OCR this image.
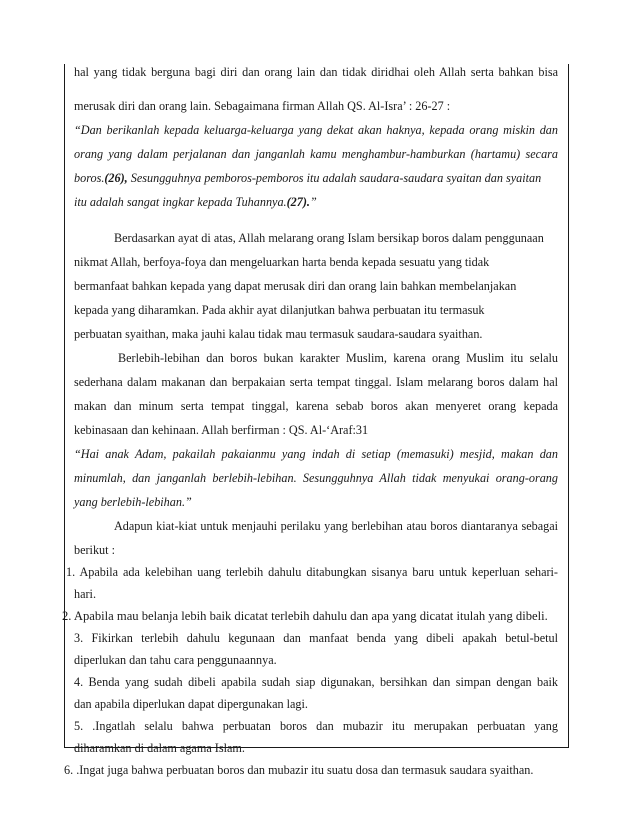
hal yang tidak berguna bagi diri dan orang lain dan tidak diridhai oleh Allah serta bahkan bisa
merusak diri dan orang lain. Sebagaimana firman Allah QS. Al-Isra’ : 26-27 :
“Dan berikanlah kepada keluarga-keluarga yang dekat akan haknya, kepada orang miskin dan
orang yang dalam perjalanan dan janganlah kamu menghambur-hamburkan (hartamu) secara
boros.(26), Sesungguhnya pemboros-pemboros itu adalah saudara-saudara syaitan dan syaitan
itu adalah sangat ingkar kepada Tuhannya.(27).”
Berdasarkan ayat di atas, Allah melarang orang Islam bersikap boros dalam penggunaan
nikmat Allah, berfoya-foya dan mengeluarkan harta benda kepada sesuatu yang tidak
bermanfaat bahkan kepada yang dapat merusak diri dan orang lain bahkan membelanjakan
kepada yang diharamkan. Pada akhir ayat dilanjutkan bahwa perbuatan itu termasuk
perbuatan syaithan, maka jauhi kalau tidak mau termasuk saudara-saudara syaithan.
Berlebih-lebihan dan boros bukan karakter Muslim, karena orang Muslim itu selalu
sederhana dalam makanan dan berpakaian serta tempat tinggal. Islam melarang boros dalam hal
makan dan minum serta tempat tinggal, karena sebab boros akan menyeret orang kepada
kebinasaan dan kehinaan. Allah berfirman : QS. Al-‘Araf:31
“Hai anak Adam, pakailah pakaianmu yang indah di setiap (memasuki) mesjid, makan dan
minumlah, dan janganlah berlebih-lebihan. Sesungguhnya Allah tidak menyukai orang-orang
yang berlebih-lebihan.”
Adapun kiat-kiat untuk menjauhi perilaku yang berlebihan atau boros diantaranya sebagai
berikut :
1. Apabila ada kelebihan uang terlebih dahulu ditabungkan sisanya baru untuk keperluan sehari-
hari.
2. Apabila mau belanja lebih baik dicatat terlebih dahulu dan apa yang dicatat itulah yang dibeli.
3. Fikirkan terlebih dahulu kegunaan dan manfaat benda yang dibeli apakah betul-betul
diperlukan dan tahu cara penggunaannya.
4. Benda yang sudah dibeli apabila sudah siap digunakan, bersihkan dan simpan dengan baik
dan apabila diperlukan dapat dipergunakan lagi.
5. .Ingatlah selalu bahwa perbuatan boros dan mubazir itu merupakan perbuatan yang
diharamkan di dalam agama Islam.
6. .Ingat juga bahwa perbuatan boros dan mubazir itu suatu dosa dan termasuk saudara syaithan.
